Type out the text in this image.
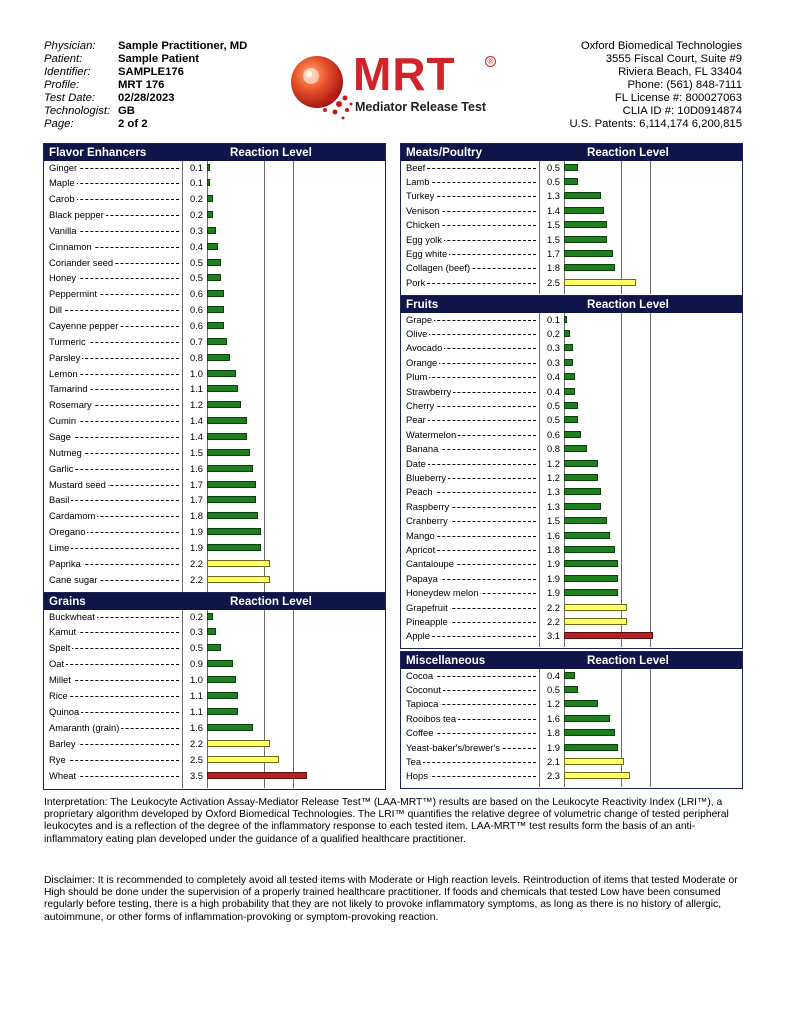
Physician:	Sample Practitioner, MD
Patient:	Sample Patient
Identifier:	SAMPLE176
Profile:	MRT 176
Test Date:	02/28/2023
Technologist: GB
Page:	2 of 2
MRT	®
Mediator Release Test
Oxford Biomedical Technologies
3555 Fiscal Court, Suite #9
Riviera Beach, FL 33404
Phone: (561) 848-7111
FL License #: 800027063
CLIA ID #: 10D0914874
U.S. Patents: 6,114,174 6,200,815
Flavor Enhancers	Reaction Level
Ginger	0.1
Maple	0.1
Carob	0.2
Black pepper	0.2
Vanilla	0.3
Cinnamon	0.4
Coriander seed	0.5
Honey	0.5
Peppermint	0.6
Dill	0.6
Cayenne pepper	0.6
Turmeric	0.7
Parsley	0.8
Lemon	1.0
Tamarind	1.1
Rosemary	1.2
Cumin	1.4
Sage	1.4
Nutmeg	1.5
Garlic	1.6
Mustard seed	1.7
Basil	1.7
Cardamom	1.8
Oregano	1.9
Lime	1.9
Paprika	2.2
Cane sugar	2.2
Grains	Reaction Level
Buckwheat	0.2
Kamut	0.3
Spelt	0.5
Oat	0.9
Millet	1.0
Rice	1.1
Quinoa	1.1
Amaranth (grain)	1.6
Barley	2.2
Rye	2.5
Wheat	3.5
Meats/Poultry	Reaction Level
Beef	0.5
Lamb	0.5
Turkey	1.3
Venison	1.4
Chicken	1.5
Egg yolk	1.5
Egg white	1.7
Collagen (beef)	1.8
Pork	2.5
Fruits	Reaction Level
Grape	0.1
Olive	0.2
Avocado	0.3
Orange	0.3
Plum	0.4
Strawberry	0.4
Cherry	0.5
Pear	0.5
Watermelon	0.6
Banana	0.8
Date	1.2
Blueberry	1.2
Peach	1.3
Raspberry	1.3
Cranberry	1.5
Mango	1.6
Apricot	1.8
Cantaloupe	1.9
Papaya	1.9
Honeydew melon	1.9
Grapefruit	2.2
Pineapple	2.2
Apple	3.1
Miscellaneous	Reaction Level
Cocoa	0.4
Coconut	0.5
Tapioca	1.2
Rooibos tea	1.6
Coffee	1.8
Yeast-baker's/brewer's	1.9
Tea	2.1
Hops	2.3
Interpretation: The Leukocyte Activation Assay-Mediator Release Test™ (LAA-MRT™) results are based on the Leukocyte Reactivity Index (LRI™), a proprietary algorithm developed by Oxford Biomedical Technologies. The LRI™ quantifies the relative degree of volumetric change of tested peripheral leukocytes and is a reflection of the degree of the inflammatory response to each tested item. LAA-MRT™ test results form the basis of an anti-inflammatory eating plan developed under the guidance of a qualified healthcare practitioner.
Disclaimer: It is recommended to completely avoid all tested items with Moderate or High reaction levels. Reintroduction of items that tested Moderate or High should be done under the supervision of a properly trained healthcare practitioner. If foods and chemicals that tested Low have been consumed regularly before testing, there is a high probability that they are not likely to provoke inflammatory symptoms, as long as there is no history of allergic, autoimmune, or other forms of inflammation-provoking or symptom-provoking reaction.
